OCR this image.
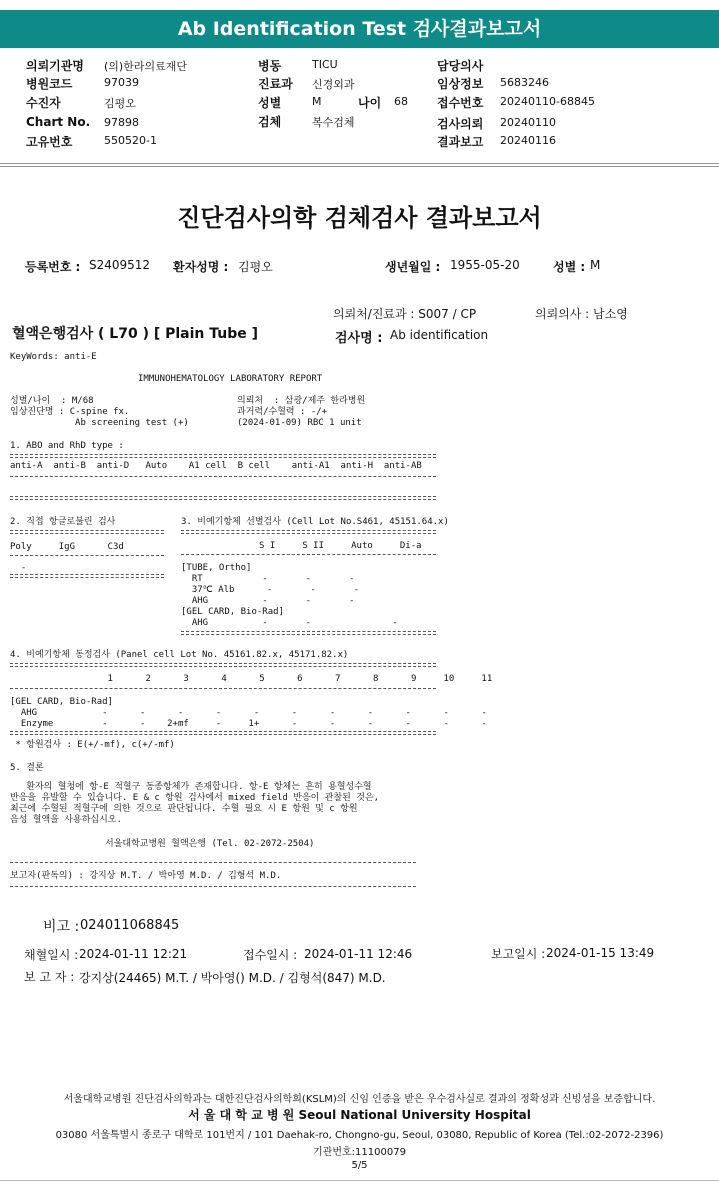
Ab Identification Test 검사결과보고서
의뢰기관명 (의)한라의료재단
병원코드	97039
수진자	김평오
Chart No. 97898
고유번호	550520-1
병동	TICU
진료과 신경외과
성별	M	나이 68
검체	복수검체
담당의사
임상정보 5683246
접수번호 20240110-68845
검사의뢰 20240110
결과보고 20240116
진단검사의학 검체검사 결과보고서
등록번호 : S2409512 환자성명 : 김평오	생년월일 : 1955-05-20	성별 : M
의뢰처/진료과 : S007 / CP	의뢰의사 : 남소영
혈액은행검사 ( L70 ) [ Plain Tube ]	검사명 : Ab identification
KeyWords: anti-E
IMMUNOHEMATOLOGY LABORATORY REPORT
성별/나이  : M/68
임상진단명 : C-spine fx.
Ab screening test (+)
의뢰처  : 삼광/제주 한라병원
과거력/수혈력 : -/+
(2024-01-09) RBC 1 unit
1. ABO and RhD type :
anti-A  anti-B  anti-D   Auto    A1 cell  B cell    anti-A1  anti-H  anti-AB
2. 직접 항글로불린 검사
Poly     IgG      C3d
-
3. 비예기항체 선별검사 (Cell Lot No.S461, 45151.64.x)
S I     S II     Auto     Di-a
[TUBE, Ortho]
RT           -       -       -
37℃ Alb      -       -       -
AHG          -       -       -
[GEL CARD, Bio-Rad]
AHG          -       -               -
4. 비예기항체 동정검사 (Panel cell Lot No. 45161.82.x, 45171.82.x)
1      2      3      4      5      6      7      8      9     10     11
[GEL CARD, Bio-Rad]
AHG            -      -      -      -      -      -      -      -      -      -      -
Enzyme         -      -    2+mf     -     1+      -      -      -      -      -      -
* 항원검사 : E(+/-mf), c(+/-mf)
5. 결론
환자의 혈청에 항-E 적혈구 동종항체가 존재합니다. 항-E 항체는 흔히 용혈성수혈
반응을 유발할 수 있습니다. E & c 항원 검사에서 mixed field 반응이 관찰된 것은,
최근에 수혈된 적혈구에 의한 것으로 판단됩니다. 수혈 필요 시 E 항원 및 c 항원
음성 혈액을 사용하십시오.
서울대학교병원 혈액은행 (Tel. 02-2072-2504)
보고자(판독의) : 강지상 M.T. / 박아영 M.D. / 김형석 M.D.
비고 : 024011068845
채혈일시 : 2024-01-11 12:21	접수일시 : 2024-01-11 12:46	보고일시 : 2024-01-15 13:49
보 고 자 : 강지상(24465) M.T. / 박아영() M.D. / 김형석(847) M.D.
서울대학교병원 진단검사의학과는 대한진단검사의학회(KSLM)의 신임 인증을 받은 우수검사실로 결과의 정확성과 신빙성을 보증합니다.
서 울 대 학 교 병 원 Seoul National University Hospital
03080 서울특별시 종로구 대학로 101번지 / 101 Daehak-ro, Chongno-gu, Seoul, 03080, Republic of Korea (Tel.:02-2072-2396)
기관번호:11100079
5/5
